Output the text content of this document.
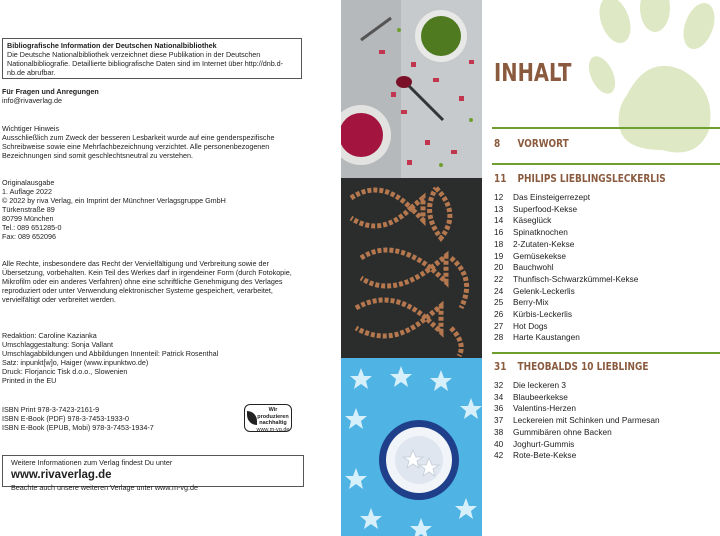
Bibliografische Information der Deutschen Nationalbibliothek
Die Deutsche Nationalbibliothek verzeichnet diese Publikation in der Deutschen Nationalbibliografie. Detaillierte bibliografische Daten sind im Internet über http://dnb.d-nb.de abrufbar.

Für Fragen und Anregungen

info@rivaverlag.de

Wichtiger Hinweis

Ausschließlich zum Zweck der besseren Lesbarkeit wurde auf eine genderspezifische Schreibweise sowie eine Mehrfachbezeichnung verzichtet. Alle personenbezogenen Bezeichnungen sind somit geschlechtsneutral zu verstehen.

Originalausgabe

1. Auflage 2022

© 2022 by riva Verlag, ein Imprint der Münchner Verlagsgruppe GmbH

Türkenstraße 89

80799 München

Tel.: 089 651285-0

Fax: 089 652096

Alle Rechte, insbesondere das Recht der Vervielfältigung und Verbreitung sowie der Übersetzung, vorbehalten. Kein Teil des Werkes darf in irgendeiner Form (durch Fotokopie, Mikrofilm oder ein anderes Verfahren) ohne eine schriftliche Genehmigung des Verlages reproduziert oder unter Verwendung elektronischer Systeme gespeichert, verarbeitet, vervielfältigt oder verbreitet werden.

Redaktion: Caroline Kazianka

Umschlaggestaltung: Sonja Vallant

Umschlagabbildungen und Abbildungen Innenteil: Patrick Rosenthal

Satz: inpunkt[w]o, Haiger (www.inpunktwo.de)

Druck: Florjancic Tisk d.o.o., Slowenien

Printed in the EU

ISBN Print 978-3-7423-2161-9

ISBN E-Book (PDF) 978-3-7453-1933-0

ISBN E-Book (EPUB, Mobi) 978-3-7453-1934-7

Wir produzieren
nachhaltig
www.m-vg.de
Weitere Informationen zum Verlag findest Du unter
www.rivaverlag.de
Beachte auch unsere weiteren Verlage unter www.m-vg.de
INHALT
8 VORWORT
11 PHILIPS LIEBLINGSLECKERLIS
12	Das Einsteigerrezept
13	Superfood-Kekse
14	Käseglück
16	Spinatknochen
18	2-Zutaten-Kekse
19	Gemüsekekse
20	Bauchwohl
22	Thunfisch-Schwarzkümmel-Kekse
24	Gelenk-Leckerlis
25	Berry-Mix
26	Kürbis-Leckerlis
27	Hot Dogs
28	Harte Kaustangen
31 THEOBALDS 10 LIEBLINGE
32	Die leckeren 3
34	Blaubeerkekse
36	Valentins-Herzen
37	Leckereien mit Schinken und Parmesan
38	Gummibären ohne Backen
40	Joghurt-Gummis
42	Rote-Bete-Kekse
